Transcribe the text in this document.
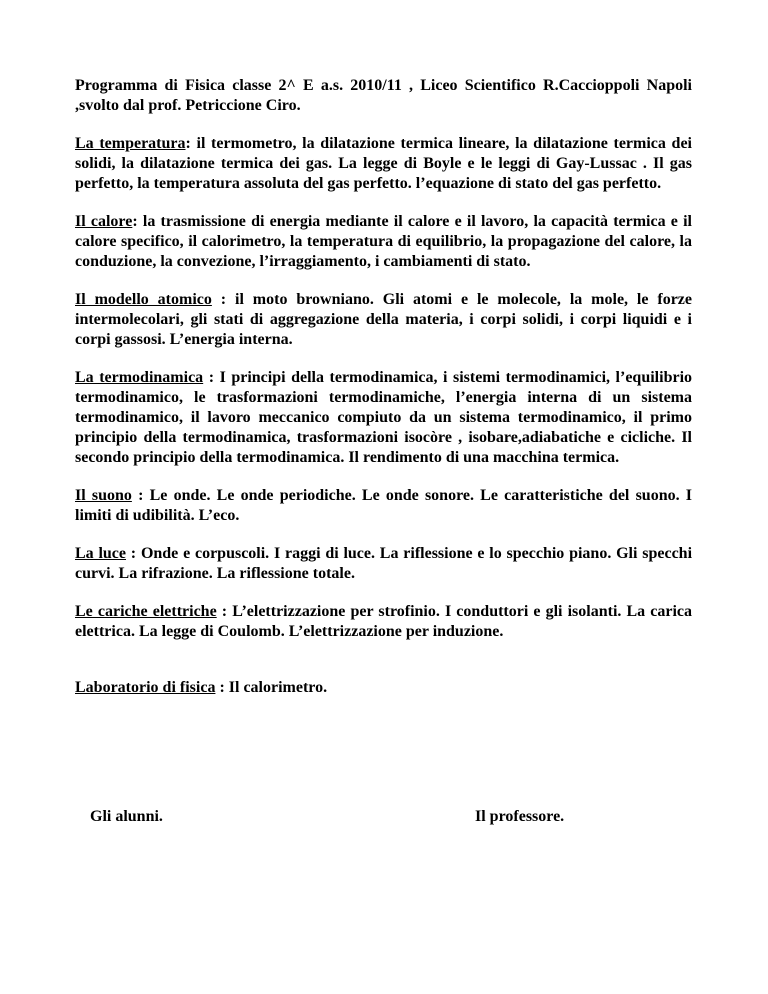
Programma di Fisica classe 2^ E a.s. 2010/11 , Liceo Scientifico R.Caccioppoli Napoli ,svolto dal prof. Petriccione Ciro.

La temperatura: il termometro, la dilatazione termica lineare, la dilatazione termica dei solidi, la dilatazione termica dei gas. La legge di Boyle e le leggi di Gay-Lussac . Il gas perfetto, la temperatura assoluta del gas perfetto. l’equazione di stato del gas perfetto.

Il calore: la trasmissione di energia mediante il calore e il lavoro, la capacità termica e il calore specifico, il calorimetro, la temperatura di equilibrio, la propagazione del calore, la conduzione, la convezione, l’irraggiamento, i cambiamenti di stato.

Il modello atomico : il moto browniano. Gli atomi e le molecole, la mole, le forze intermolecolari, gli stati di aggregazione della materia, i corpi solidi, i corpi liquidi e i corpi gassosi. L’energia interna.

La termodinamica : I principi della termodinamica, i sistemi termodinamici, l’equilibrio termodinamico, le trasformazioni termodinamiche, l’energia interna di un sistema termodinamico, il lavoro meccanico compiuto da un sistema termodinamico, il primo principio della termodinamica, trasformazioni isocòre , isobare,adiabatiche e cicliche. Il secondo principio della termodinamica. Il rendimento di una macchina termica.

Il suono : Le onde. Le onde periodiche. Le onde sonore. Le caratteristiche del suono. I limiti di udibilità. L’eco.

La luce : Onde e corpuscoli. I raggi di luce. La riflessione e lo specchio piano. Gli specchi curvi. La rifrazione. La riflessione totale.

Le cariche elettriche : L’elettrizzazione per strofinio. I conduttori e gli isolanti. La carica elettrica. La legge di Coulomb. L’elettrizzazione per induzione.

Laboratorio di fisica : Il calorimetro.

Gli alunni.	Il professore.
